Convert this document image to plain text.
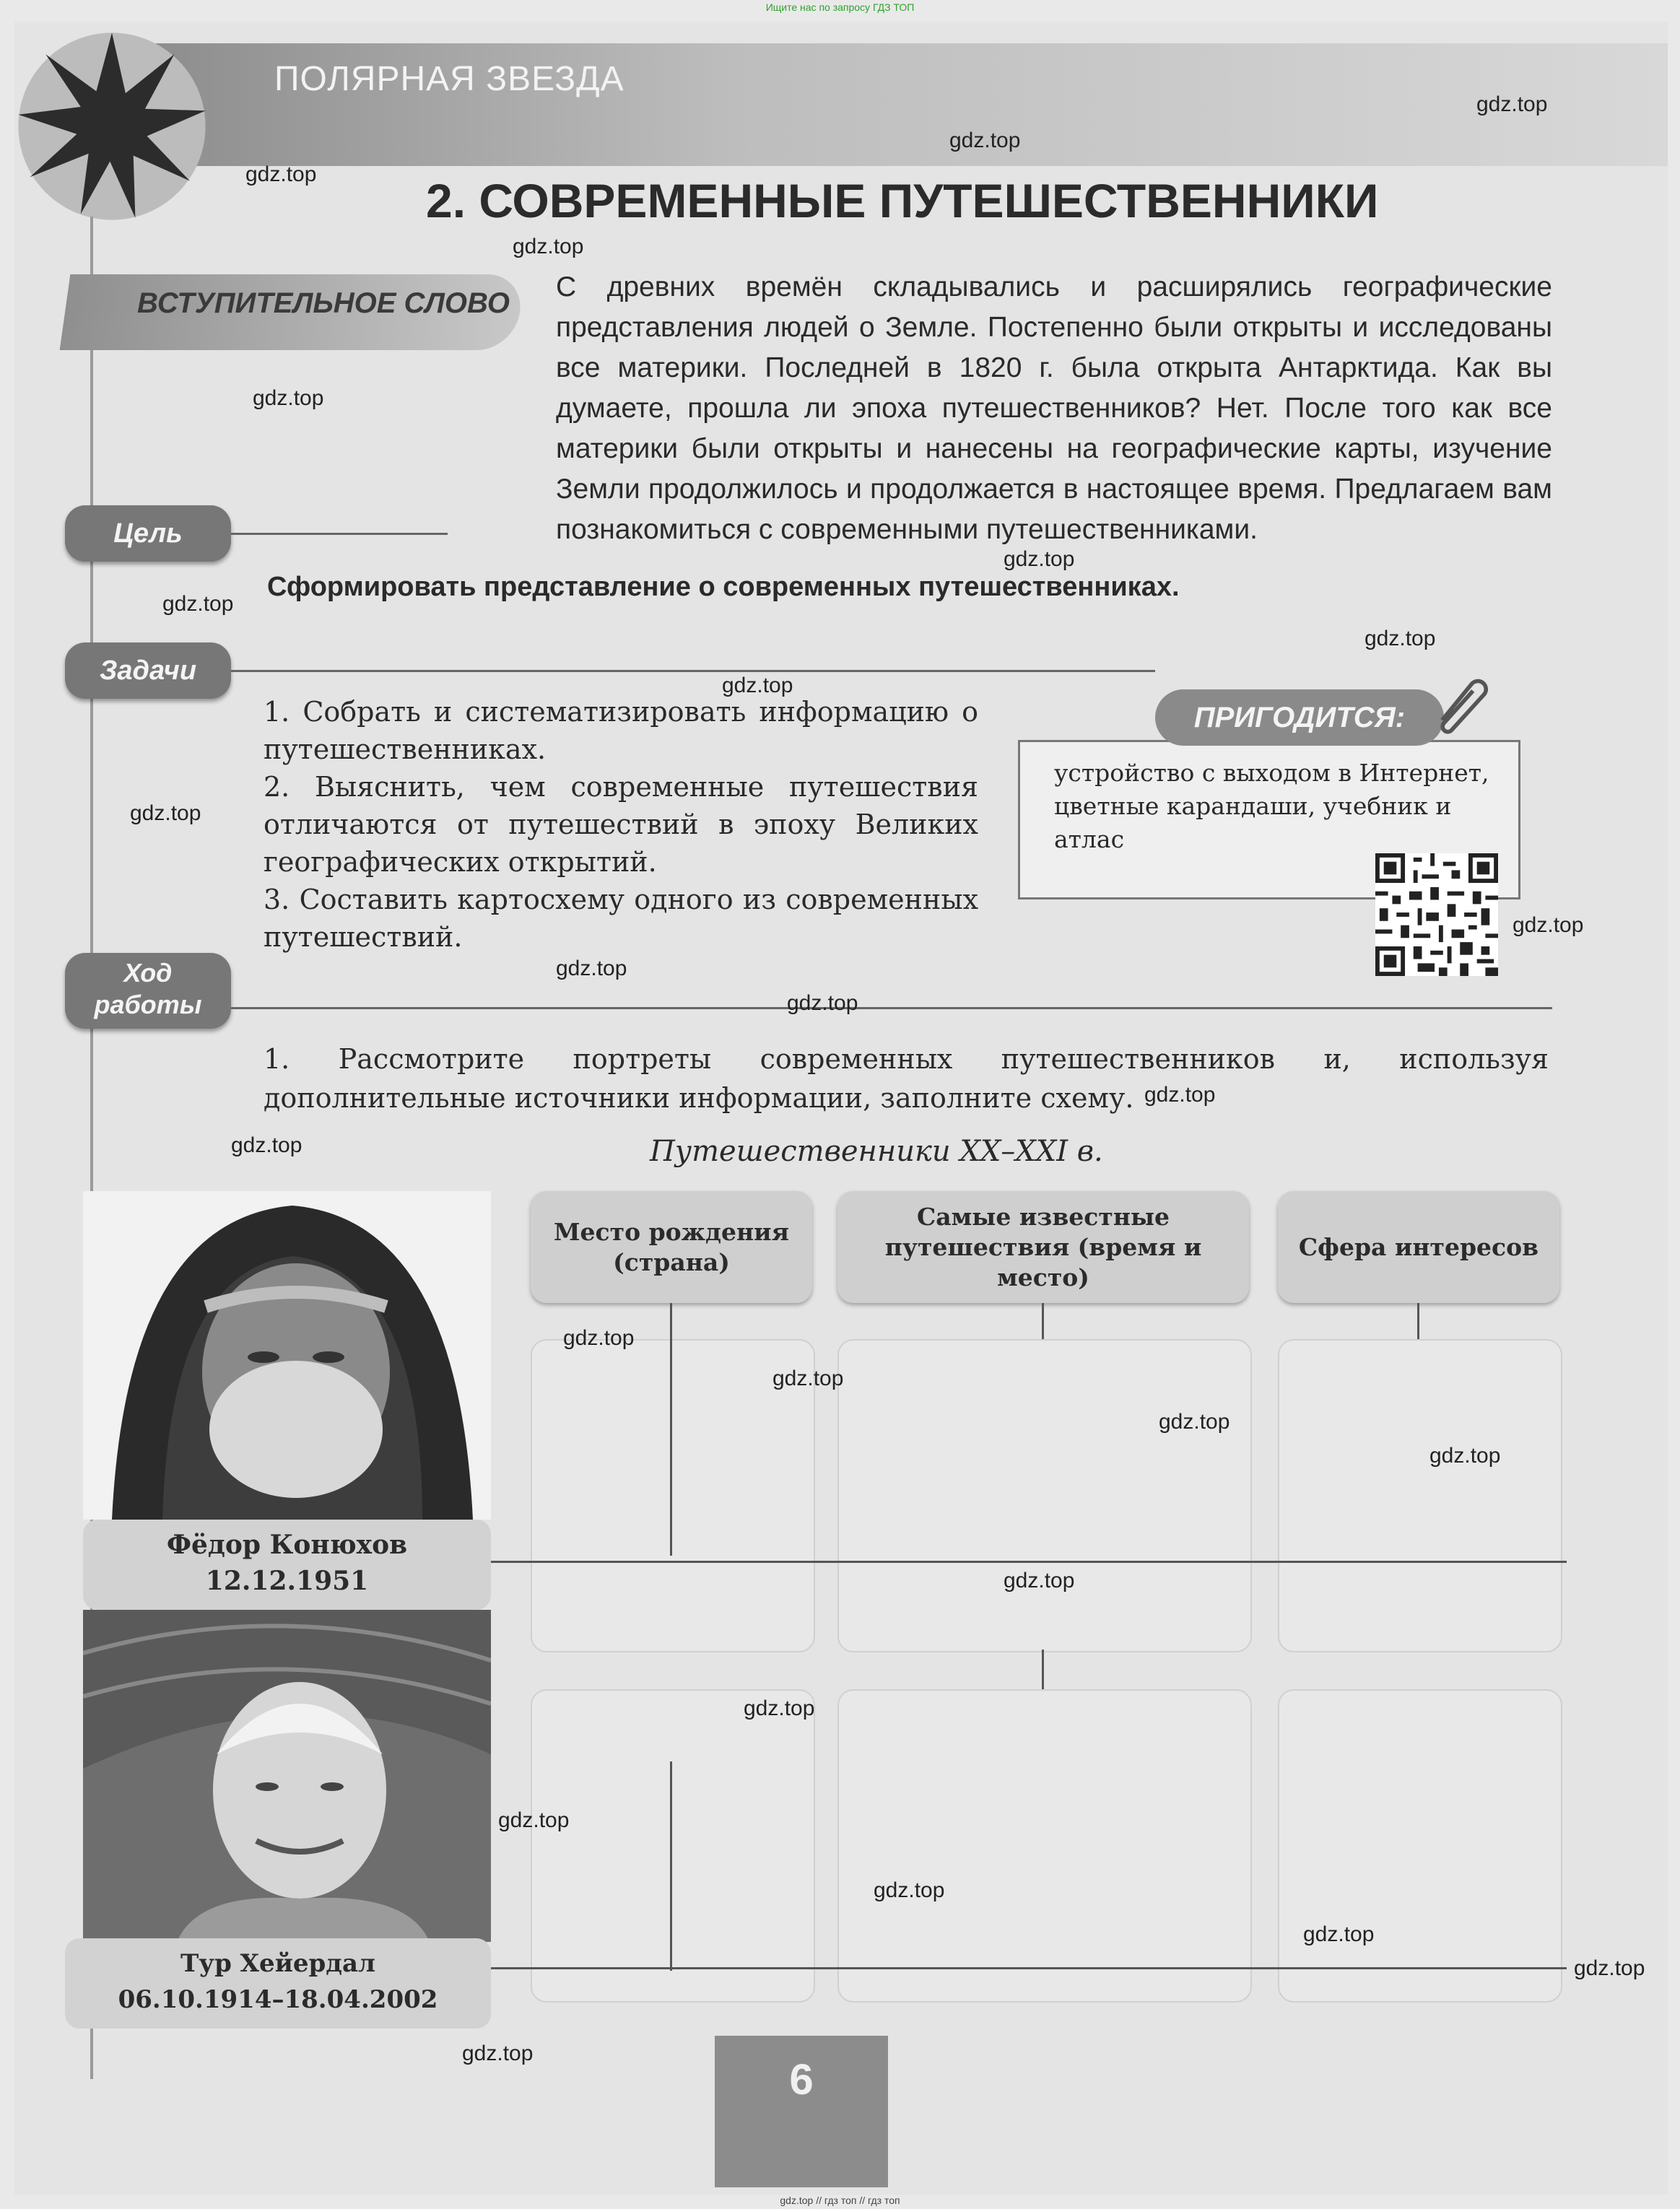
Ищите нас по запросу ГДЗ ТОП
ПОЛЯРНАЯ ЗВЕЗДА
2. СОВРЕМЕННЫЕ ПУТЕШЕСТВЕННИКИ
ВСТУПИТЕЛЬНОЕ СЛОВО
С древних времён складывались и расширялись географические представления людей о Земле. Постепенно были открыты и исследованы все материки. Последней в 1820 г. была открыта Антарктида. Как вы думаете, прошла ли эпоха путешественников? Нет. После того как все материки были открыты и нанесены на географические карты, изучение Земли продолжилось и продолжается в настоящее время. Предлагаем вам познакомиться с современными путешественниками.
Цель
Сформировать представление о современных путешественниках.
Задачи
1. Собрать и систематизировать информацию о путешественниках.
2. Выяснить, чем современные путешествия отличаются от путешествий в эпоху Великих географических открытий.
3. Составить картосхему одного из современных путешествий.
ПРИГОДИТСЯ:
устройство с выходом в Интернет, цветные карандаши, учебник и атлас
Ход
работы
1. Рассмотрите портреты современных путешественников и, используя дополнительные источники информации, заполните схему.
Путешественники XX–XXI в.
Место рождения (страна)
Самые известные путешествия (время и место)
Сфера интересов
Фёдор Конюхов
12.12.1951
Тур Хейердал
06.10.1914–18.04.2002
6
gdz.top
gdz.top
gdz.top
gdz.top
gdz.top
gdz.top
gdz.top
gdz.top
gdz.top
gdz.top
gdz.top
gdz.top
gdz.top
gdz.top
gdz.top
gdz.top
gdz.top
gdz.top
gdz.top
gdz.top
gdz.top
gdz.top
gdz.top
gdz.top
gdz.top
gdz.top
gdz.top // гдз топ // гдз топ
